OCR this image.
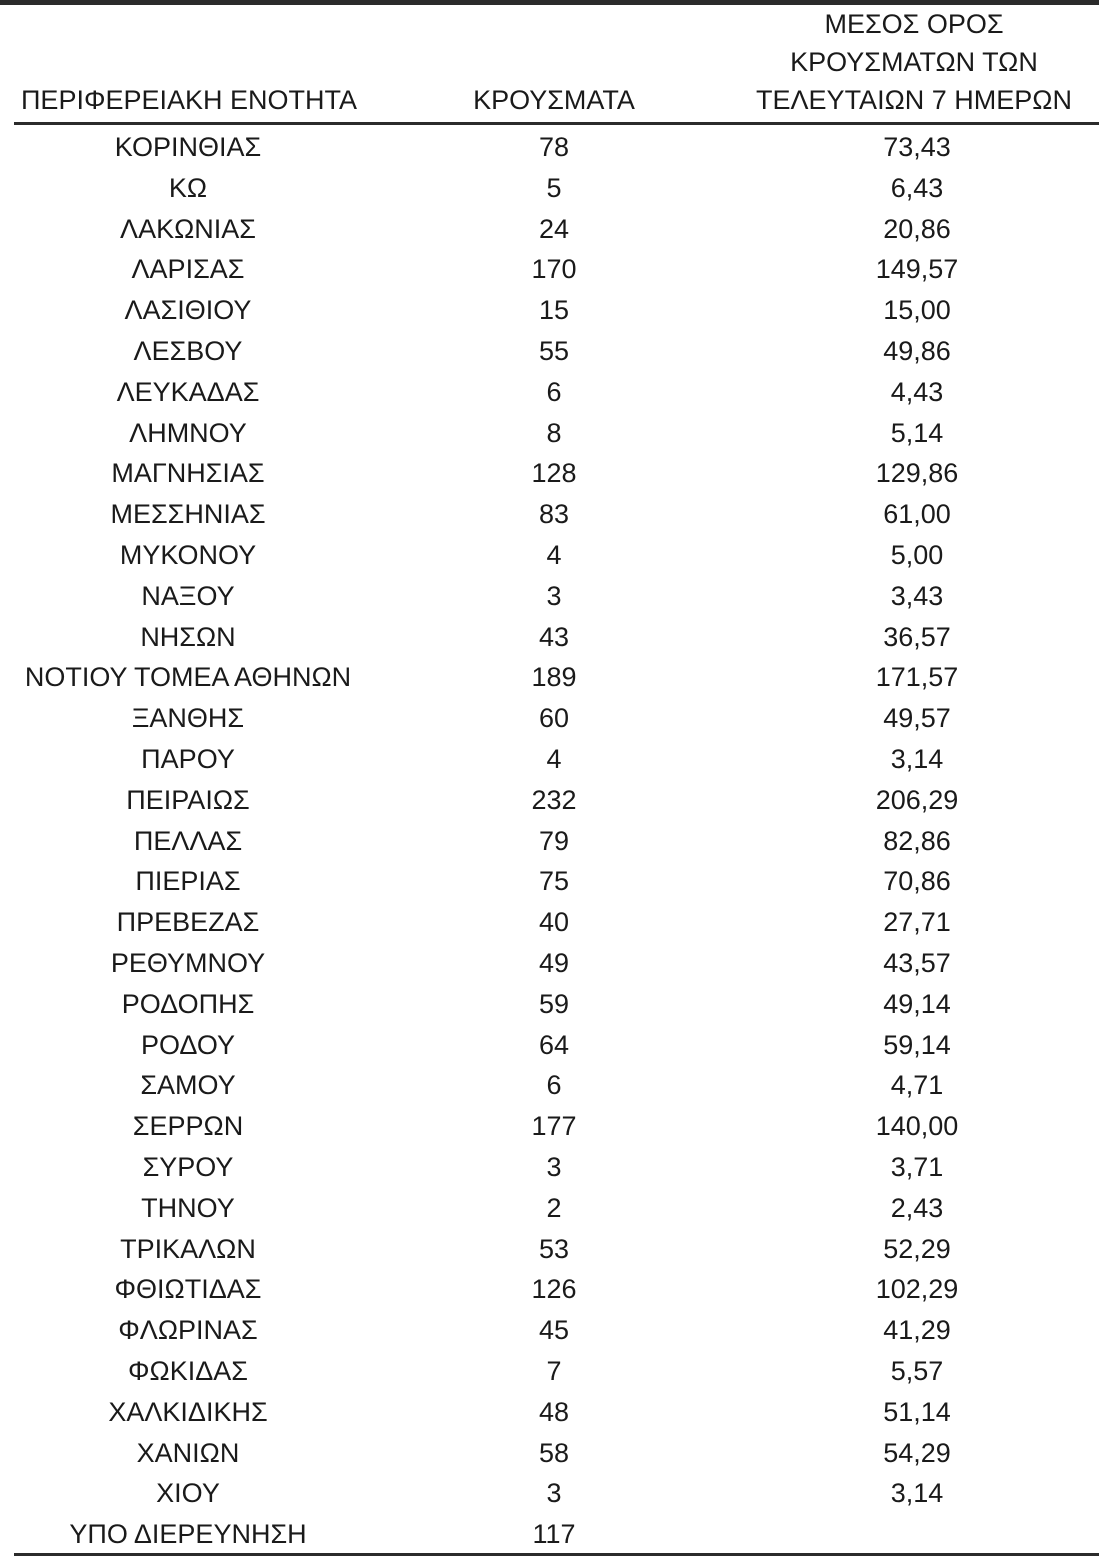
ΠΕΡΙΦΕΡΕΙΑΚΗ ΕΝΟΤΗΤΑ	ΚΡΟΥΣΜΑΤΑ
ΜΕΣΟΣ ΟΡΟΣ
ΚΡΟΥΣΜΑΤΩΝ ΤΩΝ
ΤΕΛΕΥΤΑΙΩΝ 7 ΗΜΕΡΩΝ
ΚΟΡΙΝΘΙΑΣ	78	73,43
ΚΩ	5	6,43
ΛΑΚΩΝΙΑΣ	24	20,86
ΛΑΡΙΣΑΣ	170	149,57
ΛΑΣΙΘΙΟΥ	15	15,00
ΛΕΣΒΟΥ	55	49,86
ΛΕΥΚΑΔΑΣ	6	4,43
ΛΗΜΝΟΥ	8	5,14
ΜΑΓΝΗΣΙΑΣ	128	129,86
ΜΕΣΣΗΝΙΑΣ	83	61,00
ΜΥΚΟΝΟΥ	4	5,00
ΝΑΞΟΥ	3	3,43
ΝΗΣΩΝ	43	36,57
ΝΟΤΙΟΥ ΤΟΜΕΑ ΑΘΗΝΩΝ	189	171,57
ΞΑΝΘΗΣ	60	49,57
ΠΑΡΟΥ	4	3,14
ΠΕΙΡΑΙΩΣ	232	206,29
ΠΕΛΛΑΣ	79	82,86
ΠΙΕΡΙΑΣ	75	70,86
ΠΡΕΒΕΖΑΣ	40	27,71
ΡΕΘΥΜΝΟΥ	49	43,57
ΡΟΔΟΠΗΣ	59	49,14
ΡΟΔΟΥ	64	59,14
ΣΑΜΟΥ	6	4,71
ΣΕΡΡΩΝ	177	140,00
ΣΥΡΟΥ	3	3,71
ΤΗΝΟΥ	2	2,43
ΤΡΙΚΑΛΩΝ	53	52,29
ΦΘΙΩΤΙΔΑΣ	126	102,29
ΦΛΩΡΙΝΑΣ	45	41,29
ΦΩΚΙΔΑΣ	7	5,57
ΧΑΛΚΙΔΙΚΗΣ	48	51,14
ΧΑΝΙΩΝ	58	54,29
ΧΙΟΥ	3	3,14
ΥΠΟ ΔΙΕΡΕΥΝΗΣΗ	117
